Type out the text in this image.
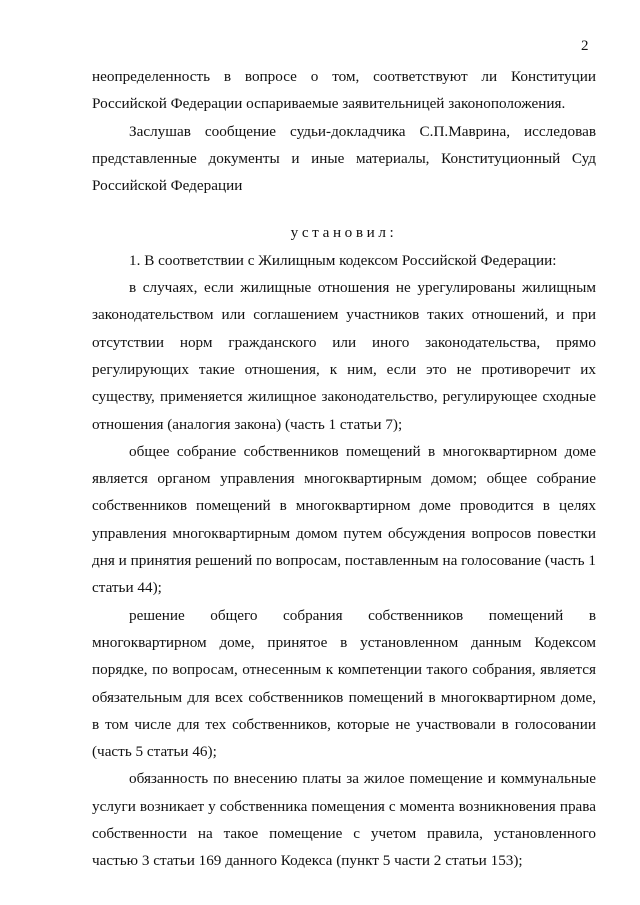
2

неопределенность в вопросе о том, соответствуют ли Конституции Российской Федерации оспариваемые заявительницей законоположения.

Заслушав сообщение судьи-докладчика С.П.Маврина, исследовав представленные документы и иные материалы, Конституционный Суд Российской Федерации

установил:

1. В соответствии с Жилищным кодексом Российской Федерации:

в случаях, если жилищные отношения не урегулированы жилищным законодательством или соглашением участников таких отношений, и при отсутствии норм гражданского или иного законодательства, прямо регулирующих такие отношения, к ним, если это не противоречит их существу, применяется жилищное законодательство, регулирующее сходные отношения (аналогия закона) (часть 1 статьи 7);

общее собрание собственников помещений в многоквартирном доме является органом управления многоквартирным домом; общее собрание собственников помещений в многоквартирном доме проводится в целях управления многоквартирным домом путем обсуждения вопросов повестки дня и принятия решений по вопросам, поставленным на голосование (часть 1 статьи 44);

решение общего собрания собственников помещений в многоквартирном доме, принятое в установленном данным Кодексом порядке, по вопросам, отнесенным к компетенции такого собрания, является обязательным для всех собственников помещений в многоквартирном доме, в том числе для тех собственников, которые не участвовали в голосовании (часть 5 статьи 46);

обязанность по внесению платы за жилое помещение и коммунальные услуги возникает у собственника помещения с момента возникновения права собственности на такое помещение с учетом правила, установленного частью 3 статьи 169 данного Кодекса (пункт 5 части 2 статьи 153);
